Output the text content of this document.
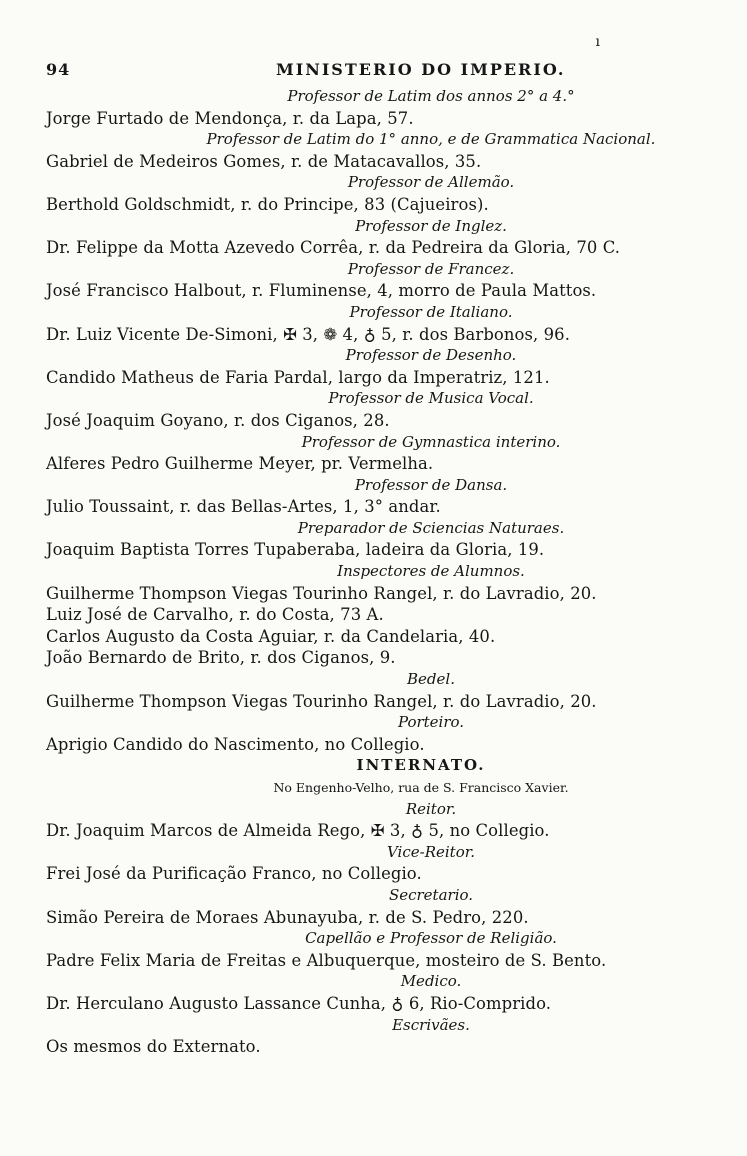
94	MINISTERIO DO IMPERIO.
ı
Professor de Latim dos annos 2° a 4.°
Jorge Furtado de Mendonça, r. da Lapa, 57.
Professor de Latim do 1° anno, e de Grammatica Nacional.
Gabriel de Medeiros Gomes, r. de Matacavallos, 35.
Professor de Allemão.
Berthold Goldschmidt, r. do Principe, 83 (Cajueiros).
Professor de Inglez.
Dr. Felippe da Motta Azevedo Corrêa, r. da Pedreira da Gloria, 70 C.
Professor de Francez.
José Francisco Halbout, r. Fluminense, 4, morro de Paula Mattos.
Professor de Italiano.
Dr. Luiz Vicente De-Simoni, ✠ 3, ❁ 4, ♁ 5, r. dos Barbonos, 96.
Professor de Desenho.
Candido Matheus de Faria Pardal, largo da Imperatriz, 121.
Professor de Musica Vocal.
José Joaquim Goyano, r. dos Ciganos, 28.
Professor de Gymnastica interino.
Alferes Pedro Guilherme Meyer, pr. Vermelha.
Professor de Dansa.
Julio Toussaint, r. das Bellas-Artes, 1, 3° andar.
Preparador de Sciencias Naturaes.
Joaquim Baptista Torres Tupaberaba, ladeira da Gloria, 19.
Inspectores de Alumnos.
Guilherme Thompson Viegas Tourinho Rangel, r. do Lavradio, 20.
Luiz José de Carvalho, r. do Costa, 73 A.
Carlos Augusto da Costa Aguiar, r. da Candelaria, 40.
João Bernardo de Brito, r. dos Ciganos, 9.
Bedel.
Guilherme Thompson Viegas Tourinho Rangel, r. do Lavradio, 20.
Porteiro.
Aprigio Candido do Nascimento, no Collegio.
INTERNATO.
No Engenho-Velho, rua de S. Francisco Xavier.
Reitor.
Dr. Joaquim Marcos de Almeida Rego, ✠ 3, ♁ 5, no Collegio.
Vice-Reitor.
Frei José da Purificação Franco, no Collegio.
Secretario.
Simão Pereira de Moraes Abunayuba, r. de S. Pedro, 220.
Capellão e Professor de Religião.
Padre Felix Maria de Freitas e Albuquerque, mosteiro de S. Bento.
Medico.
Dr. Herculano Augusto Lassance Cunha, ♁ 6, Rio-Comprido.
Escrivães.
Os mesmos do Externato.
